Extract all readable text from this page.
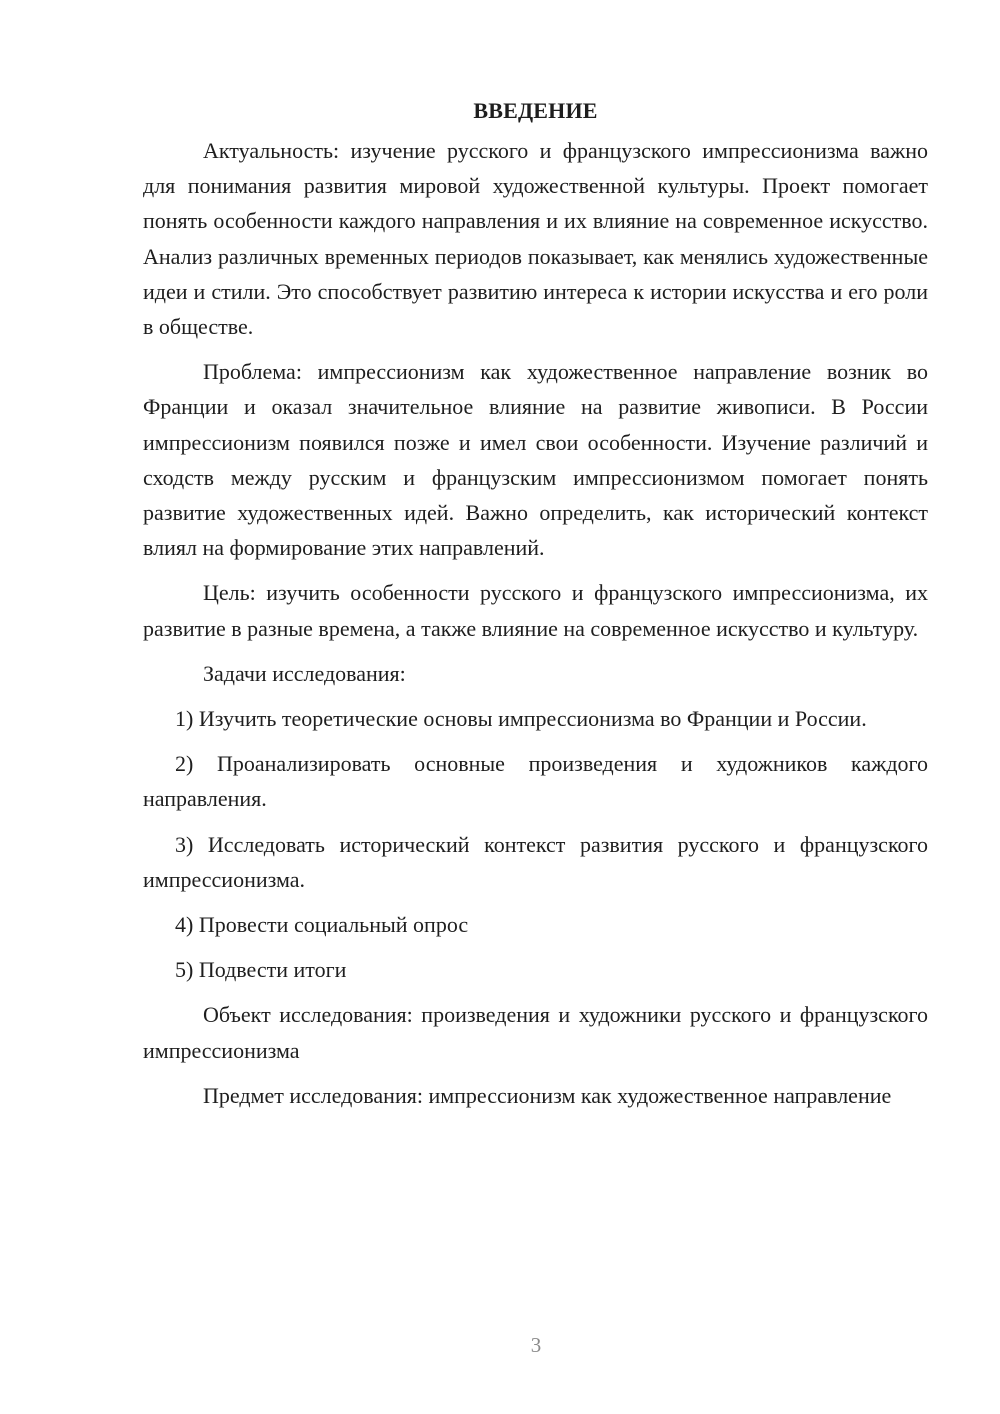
ВВЕДЕНИЕ

Актуальность: изучение русского и французского импрессионизма важно для понимания развития мировой художественной культуры. Проект помогает понять особенности каждого направления и их влияние на современное искусство. Анализ различных временных периодов показывает, как менялись художественные идеи и стили. Это способствует развитию интереса к истории искусства и его роли в обществе.

Проблема: импрессионизм как художественное направление возник во Франции и оказал значительное влияние на развитие живописи. В России импрессионизм появился позже и имел свои особенности. Изучение различий и сходств между русским и французским импрессионизмом помогает понять развитие художественных идей. Важно определить, как исторический контекст влиял на формирование этих направлений.

Цель: изучить особенности русского и французского импрессионизма, их развитие в разные времена, а также влияние на современное искусство и культуру.

Задачи исследования:

1) Изучить теоретические основы импрессионизма во Франции и России.

2) Проанализировать основные произведения и художников каждого направления.

3) Исследовать исторический контекст развития русского и французского импрессионизма.

4) Провести социальный опрос

5) Подвести итоги

Объект исследования: произведения и художники русского и французского импрессионизма

Предмет исследования: импрессионизм как художественное направление

3
